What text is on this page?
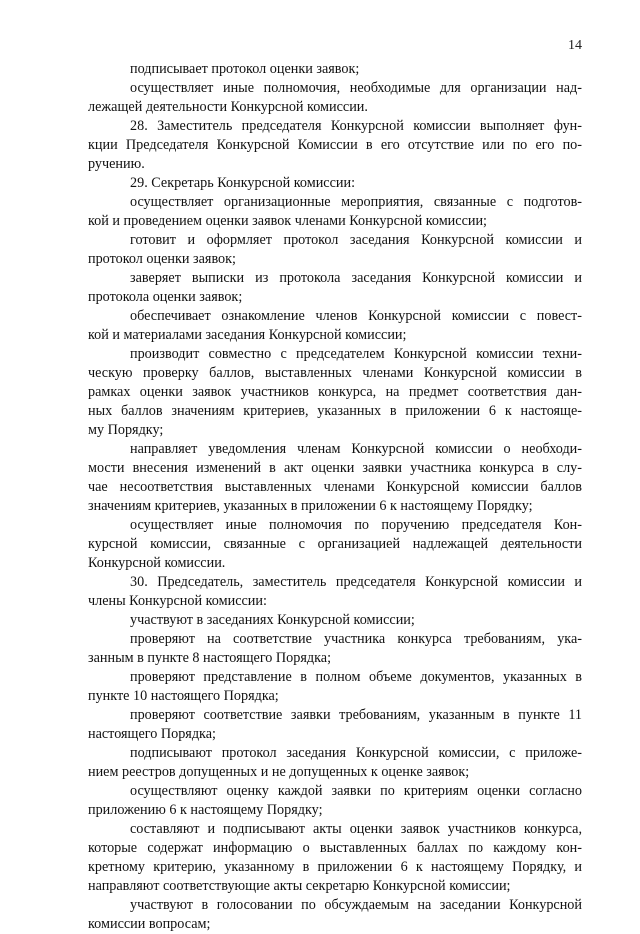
14
подписывает протокол оценки заявок;
осуществляет иные полномочия, необходимые для организации над-
лежащей деятельности Конкурсной комиссии.
28. Заместитель председателя Конкурсной комиссии выполняет фун-
кции Председателя Конкурсной Комиссии в его отсутствие или по его по-
ручению.
29. Секретарь Конкурсной комиссии:
осуществляет организационные мероприятия, связанные с подготов-
кой и проведением оценки заявок членами Конкурсной комиссии;
готовит и оформляет протокол заседания Конкурсной комиссии и
протокол оценки заявок;
заверяет выписки из протокола заседания Конкурсной комиссии и
протокола оценки заявок;
обеспечивает ознакомление членов Конкурсной комиссии с повест-
кой и материалами заседания Конкурсной комиссии;
производит совместно с председателем Конкурсной комиссии техни-
ческую проверку баллов, выставленных членами Конкурсной комиссии в
рамках оценки заявок участников конкурса, на предмет соответствия дан-
ных баллов значениям критериев, указанных в приложении 6 к настояще-
му Порядку;
направляет уведомления членам Конкурсной комиссии о необходи-
мости внесения изменений в акт оценки заявки участника конкурса в слу-
чае несоответствия выставленных членами Конкурсной комиссии баллов
значениям критериев, указанных в приложении 6 к настоящему Порядку;
осуществляет иные полномочия по поручению председателя Кон-
курсной комиссии, связанные с организацией надлежащей деятельности
Конкурсной комиссии.
30. Председатель, заместитель председателя Конкурсной комиссии и
члены Конкурсной комиссии:
участвуют в заседаниях Конкурсной комиссии;
проверяют на соответствие участника конкурса требованиям, ука-
занным в пункте 8 настоящего Порядка;
проверяют представление в полном объеме документов, указанных в
пункте 10 настоящего Порядка;
проверяют соответствие заявки требованиям, указанным в пункте 11
настоящего Порядка;
подписывают протокол заседания Конкурсной комиссии, с приложе-
нием реестров допущенных и не допущенных к оценке заявок;
осуществляют оценку каждой заявки по критериям оценки согласно
приложению 6 к настоящему Порядку;
составляют и подписывают акты оценки заявок участников конкурса,
которые содержат информацию о выставленных баллах по каждому кон-
кретному критерию, указанному в приложении 6 к настоящему Порядку, и
направляют соответствующие акты секретарю Конкурсной комиссии;
участвуют в голосовании по обсуждаемым на заседании Конкурсной
комиссии вопросам;
